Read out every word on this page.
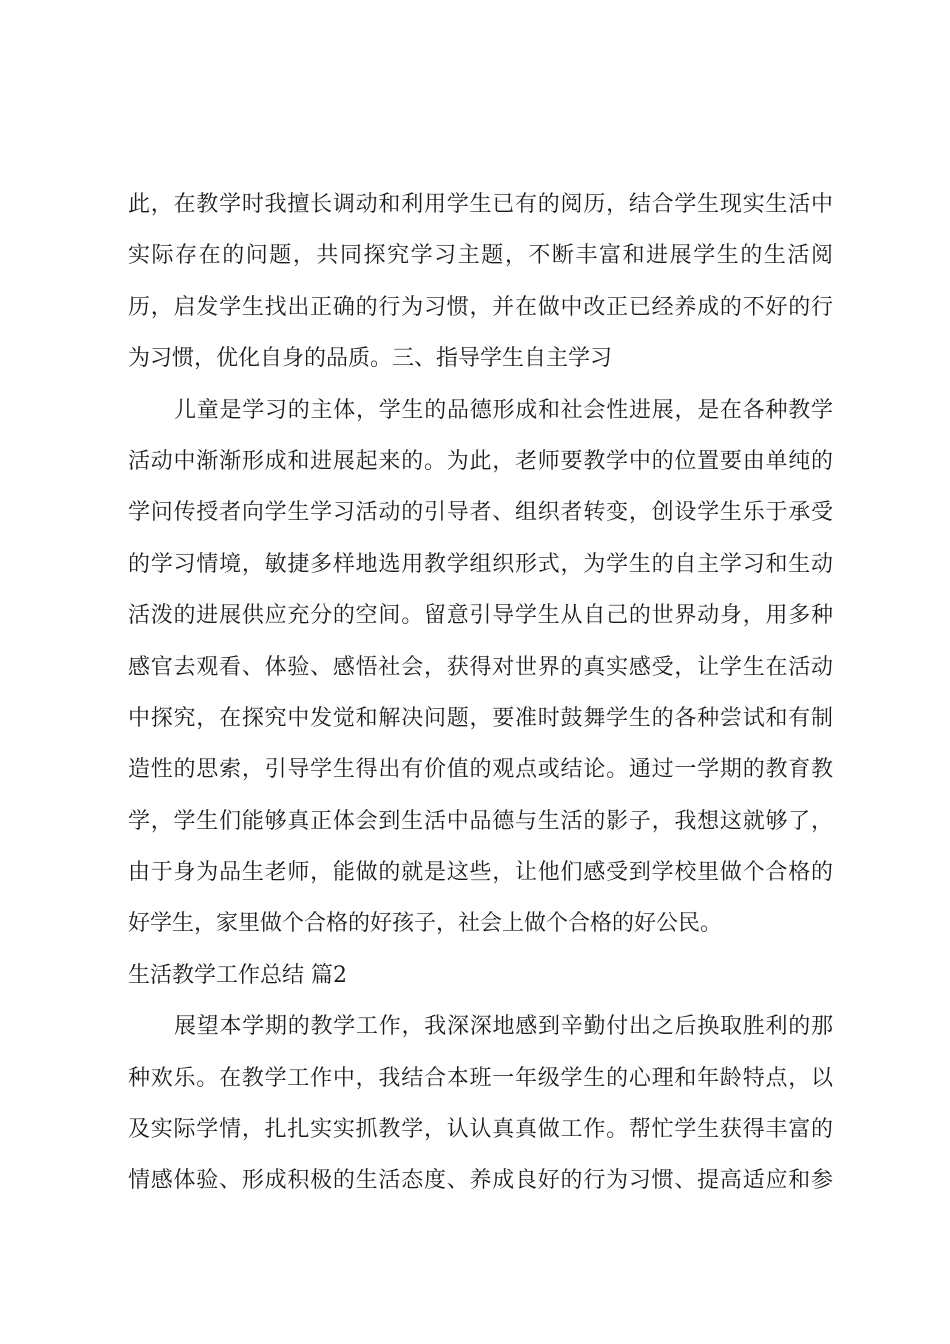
此，在教学时我擅长调动和利用学生已有的阅历，结合学生现实生活中
实际存在的问题，共同探究学习主题，不断丰富和进展学生的生活阅
历，启发学生找出正确的行为习惯，并在做中改正已经养成的不好的行
为习惯，优化自身的品质。三、指导学生自主学习
儿童是学习的主体，学生的品德形成和社会性进展，是在各种教学
活动中渐渐形成和进展起来的。为此，老师要教学中的位置要由单纯的
学问传授者向学生学习活动的引导者、组织者转变，创设学生乐于承受
的学习情境，敏捷多样地选用教学组织形式，为学生的自主学习和生动
活泼的进展供应充分的空间。留意引导学生从自己的世界动身，用多种
感官去观看、体验、感悟社会，获得对世界的真实感受，让学生在活动
中探究，在探究中发觉和解决问题，要准时鼓舞学生的各种尝试和有制
造性的思索，引导学生得出有价值的观点或结论。通过一学期的教育教
学，学生们能够真正体会到生活中品德与生活的影子，我想这就够了，
由于身为品生老师，能做的就是这些，让他们感受到学校里做个合格的
好学生，家里做个合格的好孩子，社会上做个合格的好公民。
生活教学工作总结 篇2
展望本学期的教学工作，我深深地感到辛勤付出之后换取胜利的那
种欢乐。在教学工作中，我结合本班一年级学生的心理和年龄特点，以
及实际学情，扎扎实实抓教学，认认真真做工作。帮忙学生获得丰富的
情感体验、形成积极的生活态度、养成良好的行为习惯、提高适应和参
